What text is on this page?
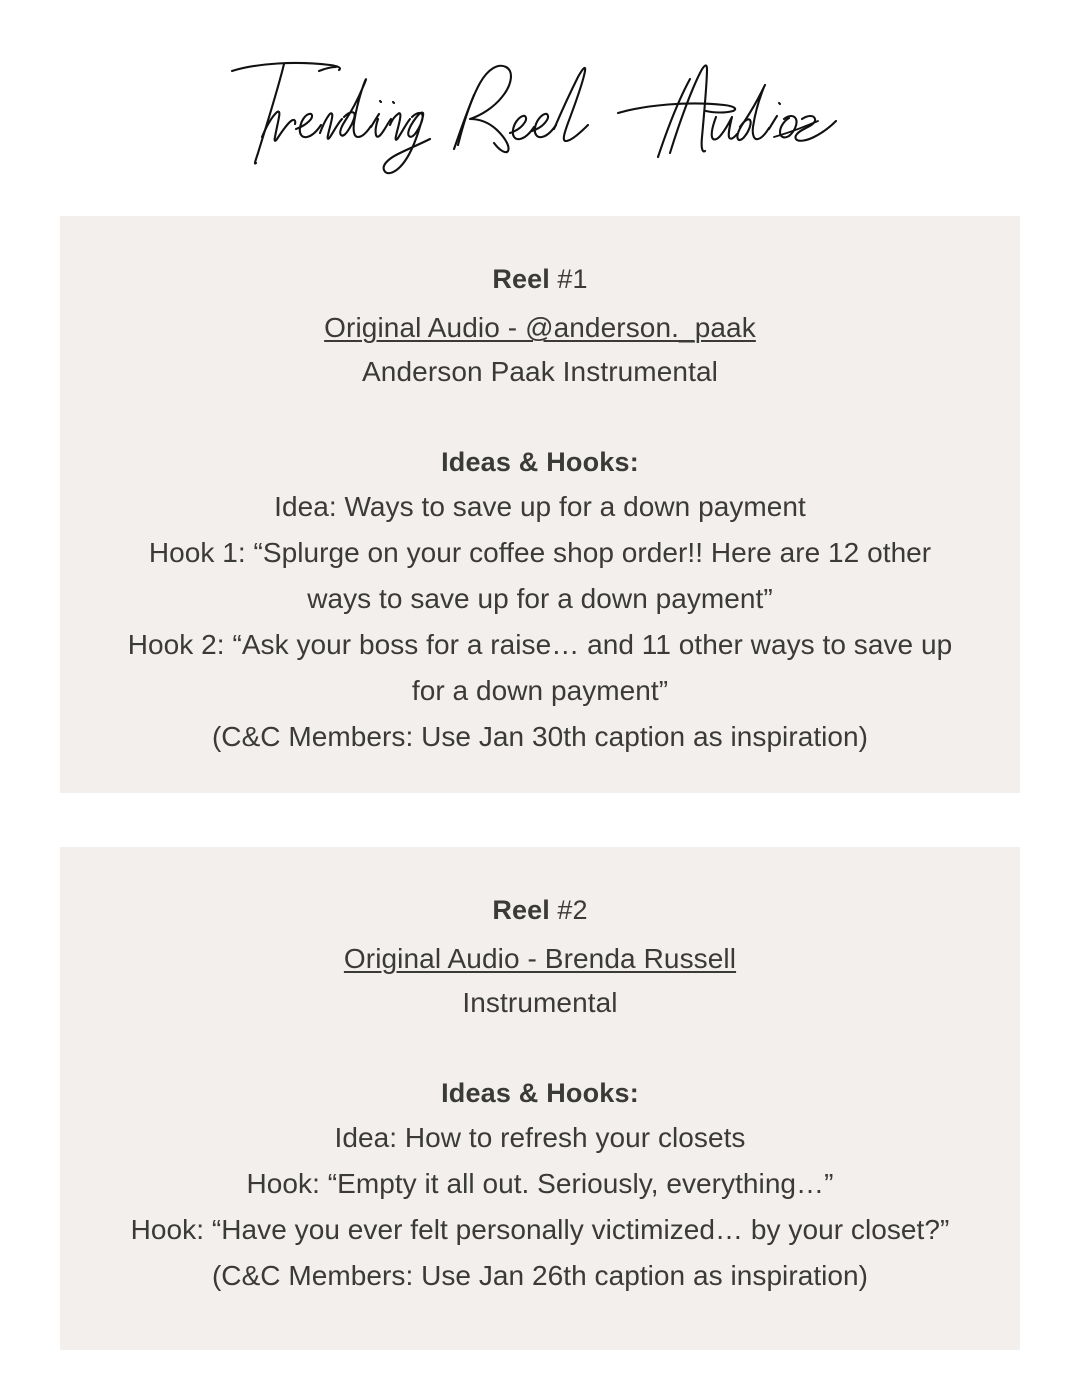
Reel #1

Original Audio - @anderson._paak

Anderson Paak Instrumental

Ideas & Hooks:

Idea: Ways to save up for a down payment

Hook 1: “Splurge on your coffee shop order!! Here are 12 other ways to save up for a down payment”

Hook 2: “Ask your boss for a raise… and 11 other ways to save up for a down payment”

(C&C Members: Use Jan 30th caption as inspiration)

Reel #2

Original Audio - Brenda Russell

Instrumental

Ideas & Hooks:

Idea: How to refresh your closets

Hook: “Empty it all out. Seriously, everything…”

Hook: “Have you ever felt personally victimized… by your closet?”

(C&C Members: Use Jan 26th caption as inspiration)
